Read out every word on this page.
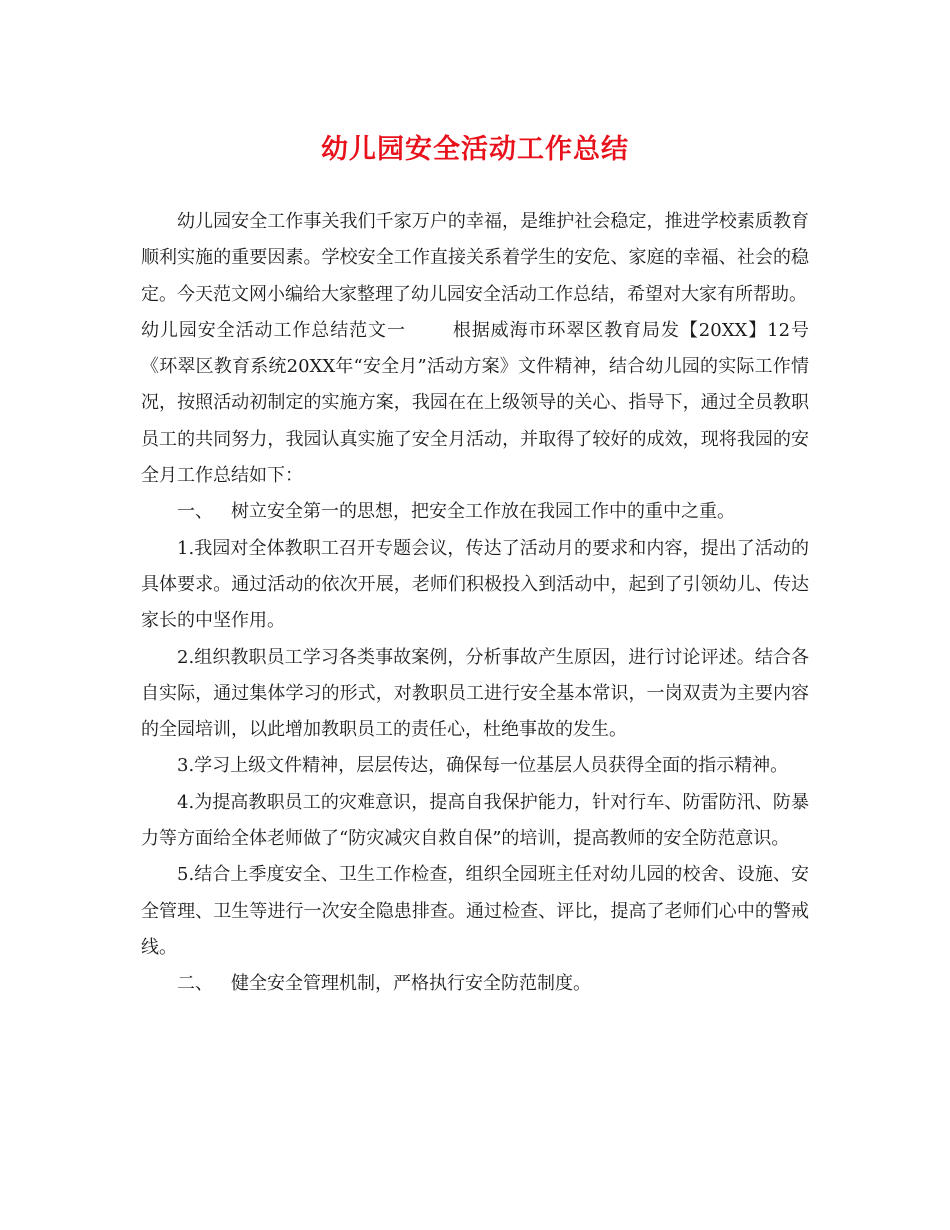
幼儿园安全活动工作总结

幼儿园安全工作事关我们千家万户的幸福，是维护社会稳定，推进学校素质教育顺利实施的重要因素。学校安全工作直接关系着学生的安危、家庭的幸福、社会的稳定。今天范文网小编给大家整理了幼儿园安全活动工作总结，希望对大家有所帮助。

幼儿园安全活动工作总结范文一	根据威海市环翠区教育局发【20XX】12号《环翠区教育系统20XX年“安全月”活动方案》文件精神，结合幼儿园的实际工作情况，按照活动初制定的实施方案，我园在在上级领导的关心、指导下，通过全员教职员工的共同努力，我园认真实施了安全月活动，并取得了较好的成效，现将我园的安全月工作总结如下：

一、 树立安全第一的思想，把安全工作放在我园工作中的重中之重。

1.我园对全体教职工召开专题会议，传达了活动月的要求和内容，提出了活动的具体要求。通过活动的依次开展，老师们积极投入到活动中，起到了引领幼儿、传达家长的中坚作用。

2.组织教职员工学习各类事故案例，分析事故产生原因，进行讨论评述。结合各自实际，通过集体学习的形式，对教职员工进行安全基本常识，一岗双责为主要内容的全园培训，以此增加教职员工的责任心，杜绝事故的发生。

3.学习上级文件精神，层层传达，确保每一位基层人员获得全面的指示精神。

4.为提高教职员工的灾难意识，提高自我保护能力，针对行车、防雷防汛、防暴力等方面给全体老师做了“防灾减灾自救自保”的培训，提高教师的安全防范意识。

5.结合上季度安全、卫生工作检查，组织全园班主任对幼儿园的校舍、设施、安全管理、卫生等进行一次安全隐患排查。通过检查、评比，提高了老师们心中的警戒线。

二、 健全安全管理机制，严格执行安全防范制度。
